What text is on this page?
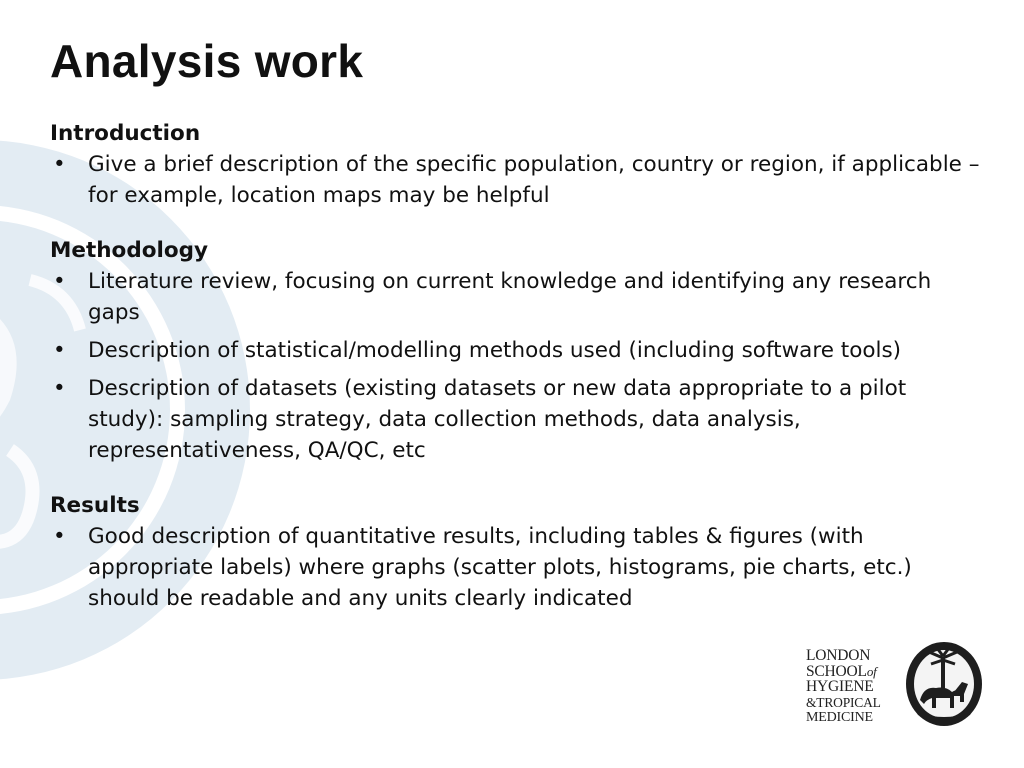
Analysis work

Introduction

• Give a brief description of the specific population, country or region, if applicable – for example, location maps may be helpful

Methodology

• Literature review, focusing on current knowledge and identifying any research gaps
• Description of statistical/modelling methods used (including software tools)
• Description of datasets (existing datasets or new data appropriate to a pilot study): sampling strategy, data collection methods, data analysis, representativeness, QA/QC, etc

Results

• Good description of quantitative results, including tables & figures (with appropriate labels) where graphs (scatter plots, histograms, pie charts, etc.) should be readable and any units clearly indicated
LONDON
SCHOOLof
HYGIENE
&TROPICAL
MEDICINE
